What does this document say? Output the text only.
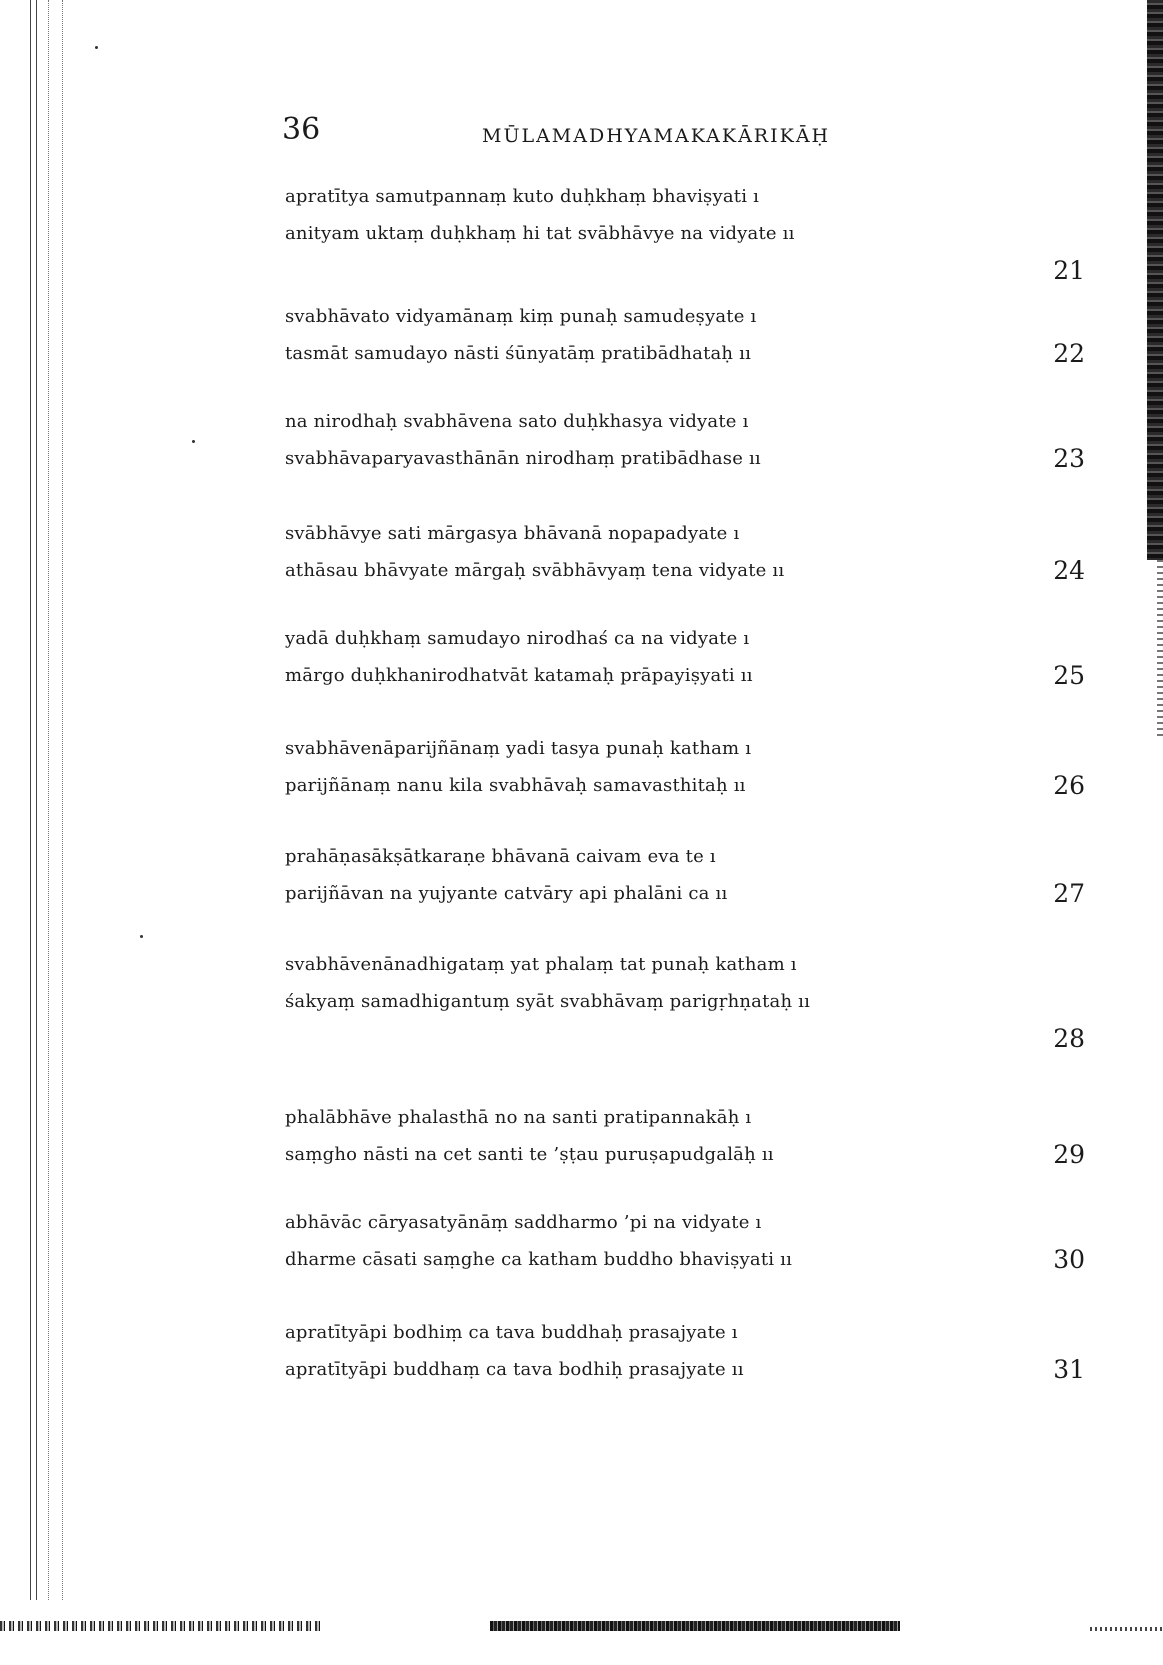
36	MŪLAMADHYAMAKAKĀRIKĀḤ
apratītya samutpannaṃ kuto duḥkhaṃ bhaviṣyati ı
anityam uktaṃ duḥkhaṃ hi tat svābhāvye na vidyate ıı
21
svabhāvato vidyamānaṃ kiṃ punaḥ samudeṣyate ı
tasmāt samudayo nāsti śūnyatāṃ pratibādhataḥ ıı	22
na nirodhaḥ svabhāvena sato duḥkhasya vidyate ı
svabhāvaparyavasthānān nirodhaṃ pratibādhase ıı	23
svābhāvye sati mārgasya bhāvanā nopapadyate ı
athāsau bhāvyate mārgaḥ svābhāvyaṃ tena vidyate ıı	24
yadā duḥkhaṃ samudayo nirodhaś ca na vidyate ı
mārgo duḥkhanirodhatvāt katamaḥ prāpayiṣyati ıı	25
svabhāvenāparijñānaṃ yadi tasya punaḥ katham ı
parijñānaṃ nanu kila svabhāvaḥ samavasthitaḥ ıı	26
prahāṇasākṣātkaraṇe bhāvanā caivam eva te ı
parijñāvan na yujyante catvāry api phalāni ca ıı	27
svabhāvenānadhigataṃ yat phalaṃ tat punaḥ katham ı
śakyaṃ samadhigantuṃ syāt svabhāvaṃ parigṛhṇataḥ ıı
28
phalābhāve phalasthā no na santi pratipannakāḥ ı
saṃgho nāsti na cet santi te ’ṣṭau puruṣapudgalāḥ ıı	29
abhāvāc cāryasatyānāṃ saddharmo ’pi na vidyate ı
dharme cāsati saṃghe ca katham buddho bhaviṣyati ıı	30
apratītyāpi bodhiṃ ca tava buddhaḥ prasajyate ı
apratītyāpi buddhaṃ ca tava bodhiḥ prasajyate ıı	31
